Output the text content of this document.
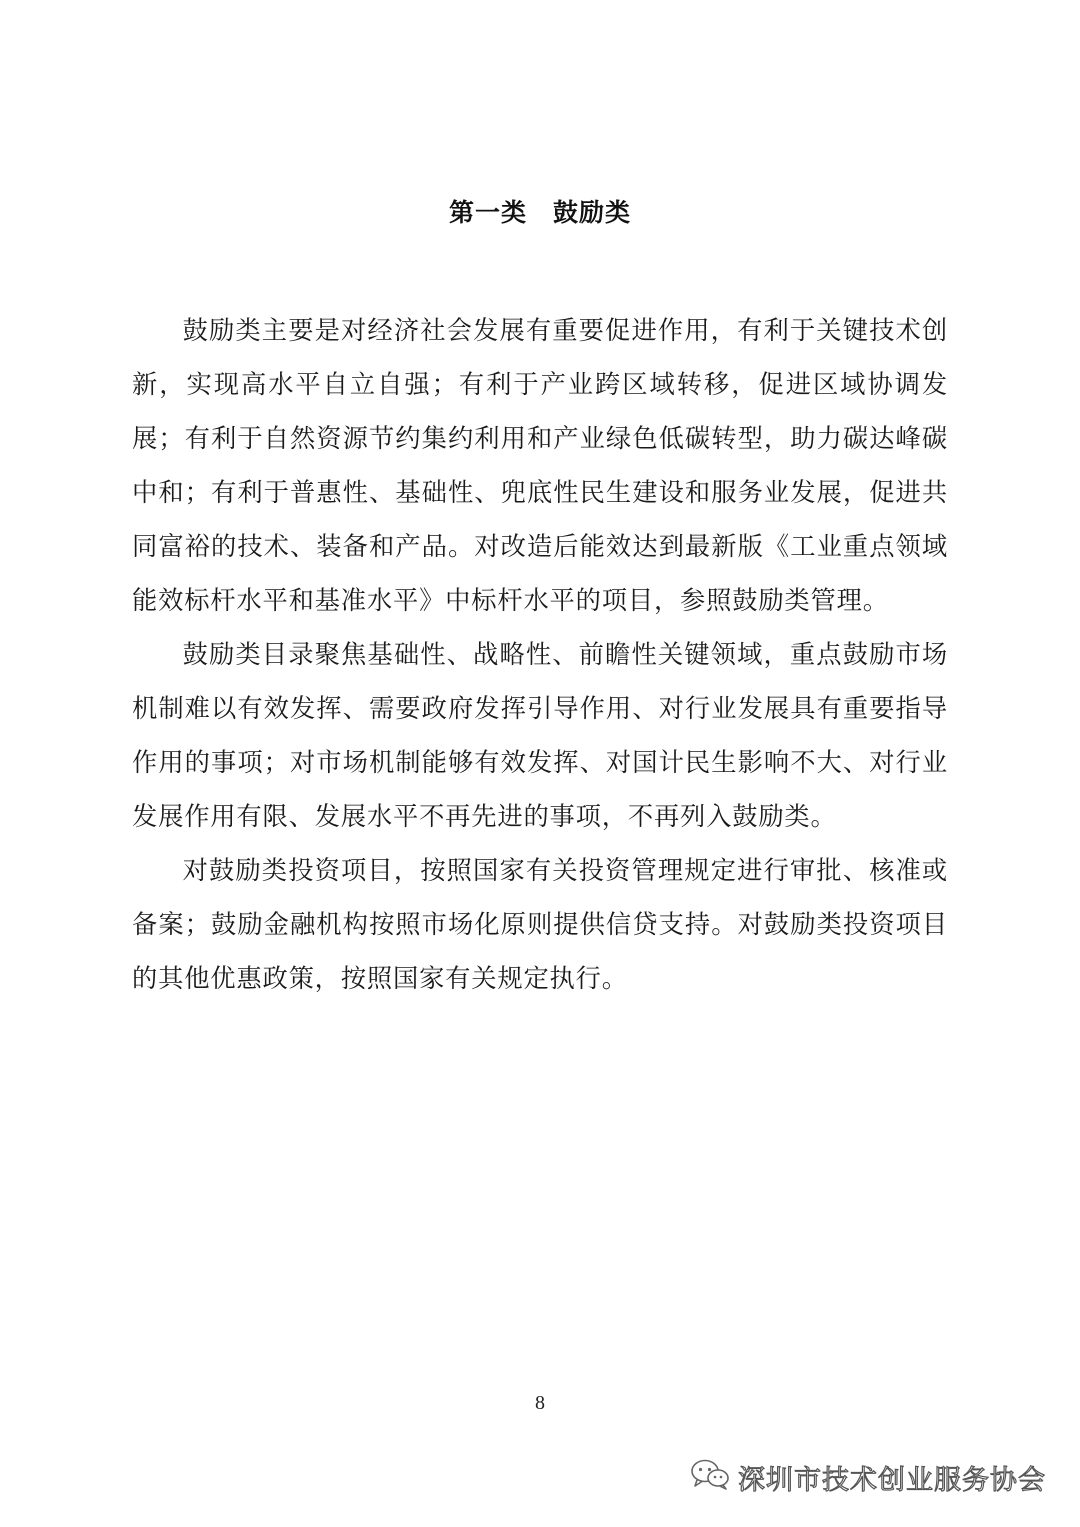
第一类　鼓励类

鼓励类主要是对经济社会发展有重要促进作用，有利于关键技术创新，实现高水平自立自强；有利于产业跨区域转移，促进区域协调发展；有利于自然资源节约集约利用和产业绿色低碳转型，助力碳达峰碳中和；有利于普惠性、基础性、兜底性民生建设和服务业发展，促进共同富裕的技术、装备和产品。对改造后能效达到最新版《工业重点领域能效标杆水平和基准水平》中标杆水平的项目，参照鼓励类管理。

鼓励类目录聚焦基础性、战略性、前瞻性关键领域，重点鼓励市场机制难以有效发挥、需要政府发挥引导作用、对行业发展具有重要指导作用的事项；对市场机制能够有效发挥、对国计民生影响不大、对行业发展作用有限、发展水平不再先进的事项，不再列入鼓励类。

对鼓励类投资项目，按照国家有关投资管理规定进行审批、核准或备案；鼓励金融机构按照市场化原则提供信贷支持。对鼓励类投资项目的其他优惠政策，按照国家有关规定执行。

8
深圳市技术创业服务协会
